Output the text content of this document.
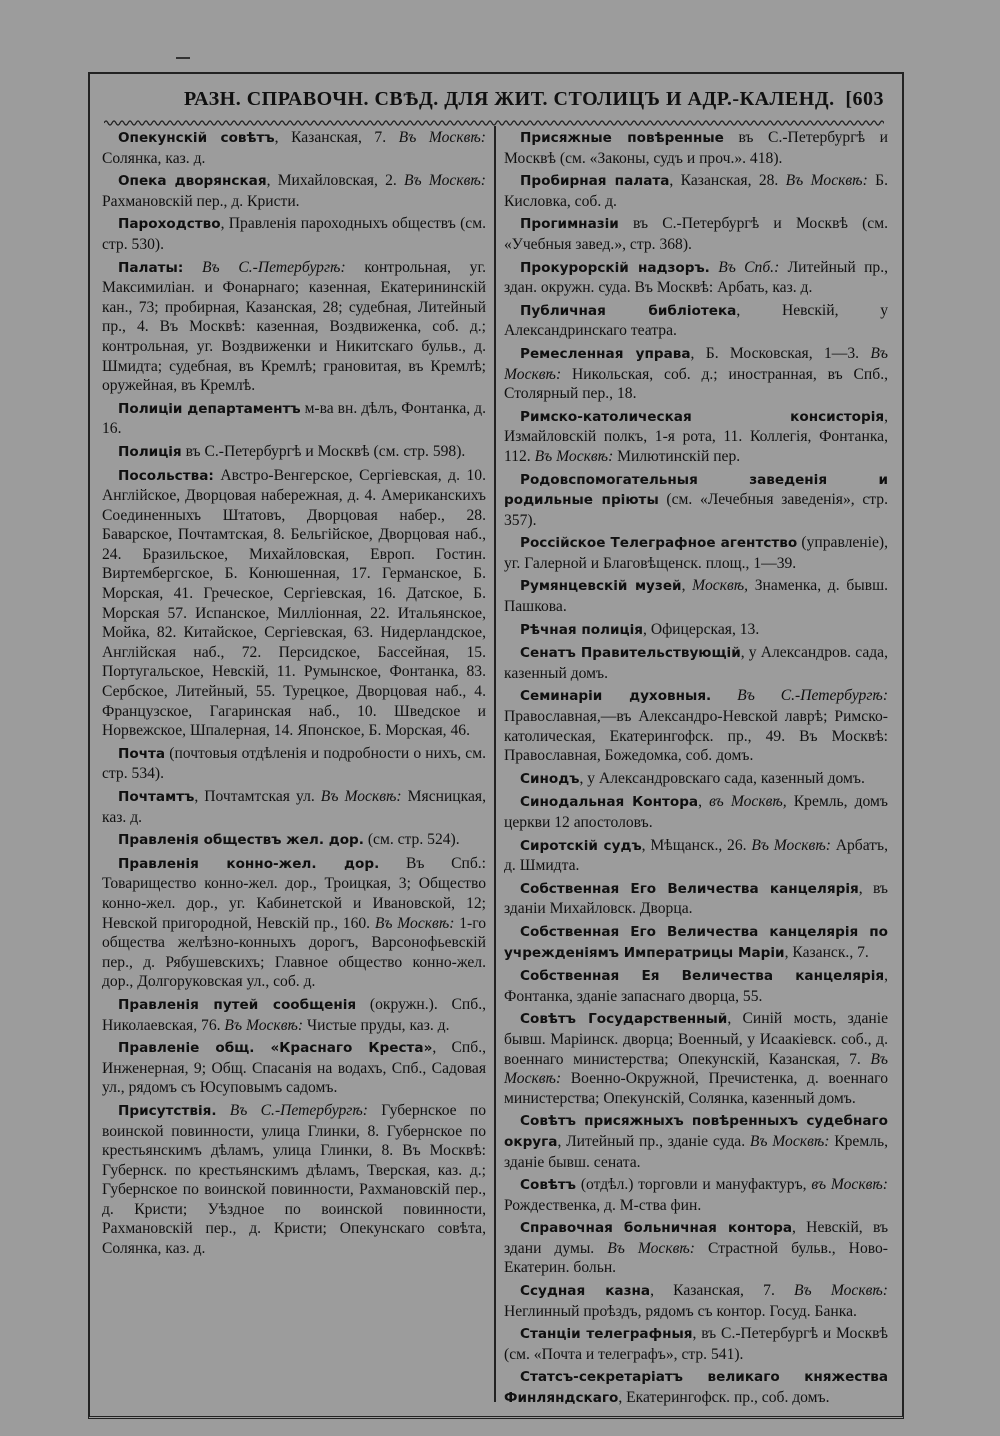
РАЗН. СПРАВОЧН. СВѢД. ДЛЯ ЖИТ. СТОЛИЦЪ И АДР.-КАЛЕНД. [603

Опекунскій совѣтъ, Казанская, 7. Въ Москвѣ: Солянка, каз. д.

Опека дворянская, Михайловская, 2. Въ Москвѣ: Рахмановскій пер., д. Кристи.

Пароходство, Правленія пароходныхъ обществъ (см. стр. 530).

Палаты: Въ С.-Петербургѣ: контрольная, уг. Максимиліан. и Фонарнаго; казенная, Екатерининскій кан., 73; пробирная, Казанская, 28; судебная, Литейный пр., 4. Въ Москвѣ: казенная, Воздвиженка, соб. д.; контрольная, уг. Воздвиженки и Никитскаго бульв., д. Шмидта; судебная, въ Кремлѣ; грановитая, въ Кремлѣ; оружейная, въ Кремлѣ.

Полиціи департаментъ м-ва вн. дѣлъ, Фонтанка, д. 16.

Полиція въ С.-Петербургѣ и Москвѣ (см. стр. 598).

Посольства: Австро-Венгерское, Сергіевская, д. 10. Англійское, Дворцовая набережная, д. 4. Американскихъ Соединенныхъ Штатовъ, Дворцовая набер., 28. Баварское, Почтамтская, 8. Бельгійское, Дворцовая наб., 24. Бразильское, Михайловская, Европ. Гостин. Виртембергское, Б. Конюшенная, 17. Германское, Б. Морская, 41. Греческое, Сергіевская, 16. Датское, Б. Морская 57. Испанское, Милліонная, 22. Итальянское, Мойка, 82. Китайское, Сергіевская, 63. Нидерландское, Англійская наб., 72. Персидское, Бассейная, 15. Португальское, Невскій, 11. Румынское, Фонтанка, 83. Сербское, Литейный, 55. Турецкое, Дворцовая наб., 4. Французское, Гагаринская наб., 10. Шведское и Норвежское, Шпалерная, 14. Японское, Б. Морская, 46.

Почта (почтовыя отдѣленія и подробности о нихъ, см. стр. 534).

Почтамтъ, Почтамтская ул. Въ Москвѣ: Мясницкая, каз. д.

Правленія обществъ жел. дор. (см. стр. 524).

Правленія конно-жел. дор. Въ Спб.: Товарищество конно-жел. дор., Троицкая, 3; Общество конно-жел. дор., уг. Кабинетской и Ивановской, 12; Невской пригородной, Невскій пр., 160. Въ Москвѣ: 1-го общества желѣзно-конныхъ дорогъ, Варсонофьевскій пер., д. Рябушевскихъ; Главное общество конно-жел. дор., Долгоруковская ул., соб. д.

Правленія путей сообщенія (окружн.). Спб., Николаевская, 76. Въ Москвѣ: Чистые пруды, каз. д.

Правленіе общ. «Краснаго Креста», Спб., Инженерная, 9; Общ. Спасанія на водахъ, Спб., Садовая ул., рядомъ съ Юсуповымъ садомъ.

Присутствія. Въ С.-Петербургѣ: Губернское по воинской повинности, улица Глинки, 8. Губернское по крестьянскимъ дѣламъ, улица Глинки, 8. Въ Москвѣ: Губернск. по крестьянскимъ дѣламъ, Тверская, каз. д.; Губернское по воинской повинности, Рахмановскій пер., д. Кристи; Уѣздное по воинской повинности, Рахмановскій пер., д. Кристи; Опекунскаго совѣта, Солянка, каз. д.

Присяжные повѣренные въ С.-Петербургѣ и Москвѣ (см. «Законы, судъ и проч.». 418).

Пробирная палата, Казанская, 28. Въ Москвѣ: Б. Кисловка, соб. д.

Прогимназіи въ С.-Петербургѣ и Москвѣ (см. «Учебныя завед.», стр. 368).

Прокурорскій надзоръ. Въ Спб.: Литейный пр., здан. окружн. суда. Въ Москвѣ: Арбать, каз. д.

Публичная библіотека, Невскій, у Александринскаго театра.

Ремесленная управа, Б. Московская, 1—3. Въ Москвѣ: Никольская, соб. д.; иностранная, въ Спб., Столярный пер., 18.

Римско-католическая консисторія, Измайловскій полкъ, 1-я рота, 11. Коллегія, Фонтанка, 112. Въ Москвѣ: Милютинскій пер.

Родовспомогательныя заведенія и родильные пріюты (см. «Лечебныя заведенія», стр. 357).

Россійское Телеграфное агентство (управленіе), уг. Галерной и Благовѣщенск. площ., 1—39.

Румянцевскій музей, Москвѣ, Знаменка, д. бывш. Пашкова.

Рѣчная полиція, Офицерская, 13.

Сенатъ Правительствующій, у Александров. сада, казенный домъ.

Семинаріи духовныя. Въ С.-Петербургѣ: Православная,—въ Александро-Невской лаврѣ; Римско-католическая, Екатерингофск. пр., 49. Въ Москвѣ: Православная, Божедомка, соб. домъ.

Синодъ, у Александровскаго сада, казенный домъ.

Синодальная Контора, въ Москвѣ, Кремль, домъ церкви 12 апостоловъ.

Сиротскій судъ, Мѣщанск., 26. Въ Москвѣ: Арбатъ, д. Шмидта.

Собственная Его Величества канцелярія, въ зданіи Михайловск. Дворца.

Собственная Его Величества канцелярія по учрежденіямъ Императрицы Маріи, Казанск., 7.

Собственная Ея Величества канцелярія, Фонтанка, зданіе запаснаго дворца, 55.

Совѣтъ Государственный, Синій мость, зданіе бывш. Маріинск. дворца; Военный, у Исаакіевск. соб., д. военнаго министерства; Опекунскій, Казанская, 7. Въ Москвѣ: Военно-Окружной, Пречистенка, д. военнаго министерства; Опекунскій, Солянка, казенный домъ.

Совѣтъ присяжныхъ повѣренныхъ судебнаго округа, Литейный пр., зданіе суда. Въ Москвѣ: Кремль, зданіе бывш. сената.

Совѣтъ (отдѣл.) торговли и мануфактуръ, въ Москвѣ: Рождественка, д. М-ства фин.

Справочная больничная контора, Невскій, въ здани думы. Въ Москвѣ: Страстной бульв., Ново-Екатерин. больн.

Ссудная казна, Казанская, 7. Въ Москвѣ: Неглинный проѣздъ, рядомъ съ контор. Госуд. Банка.

Станціи телеграфныя, въ С.-Петербургѣ и Москвѣ (см. «Почта и телеграфъ», стр. 541).

Статсъ-секретаріатъ великаго княжества Финляндскаго, Екатерингофск. пр., соб. домъ.
